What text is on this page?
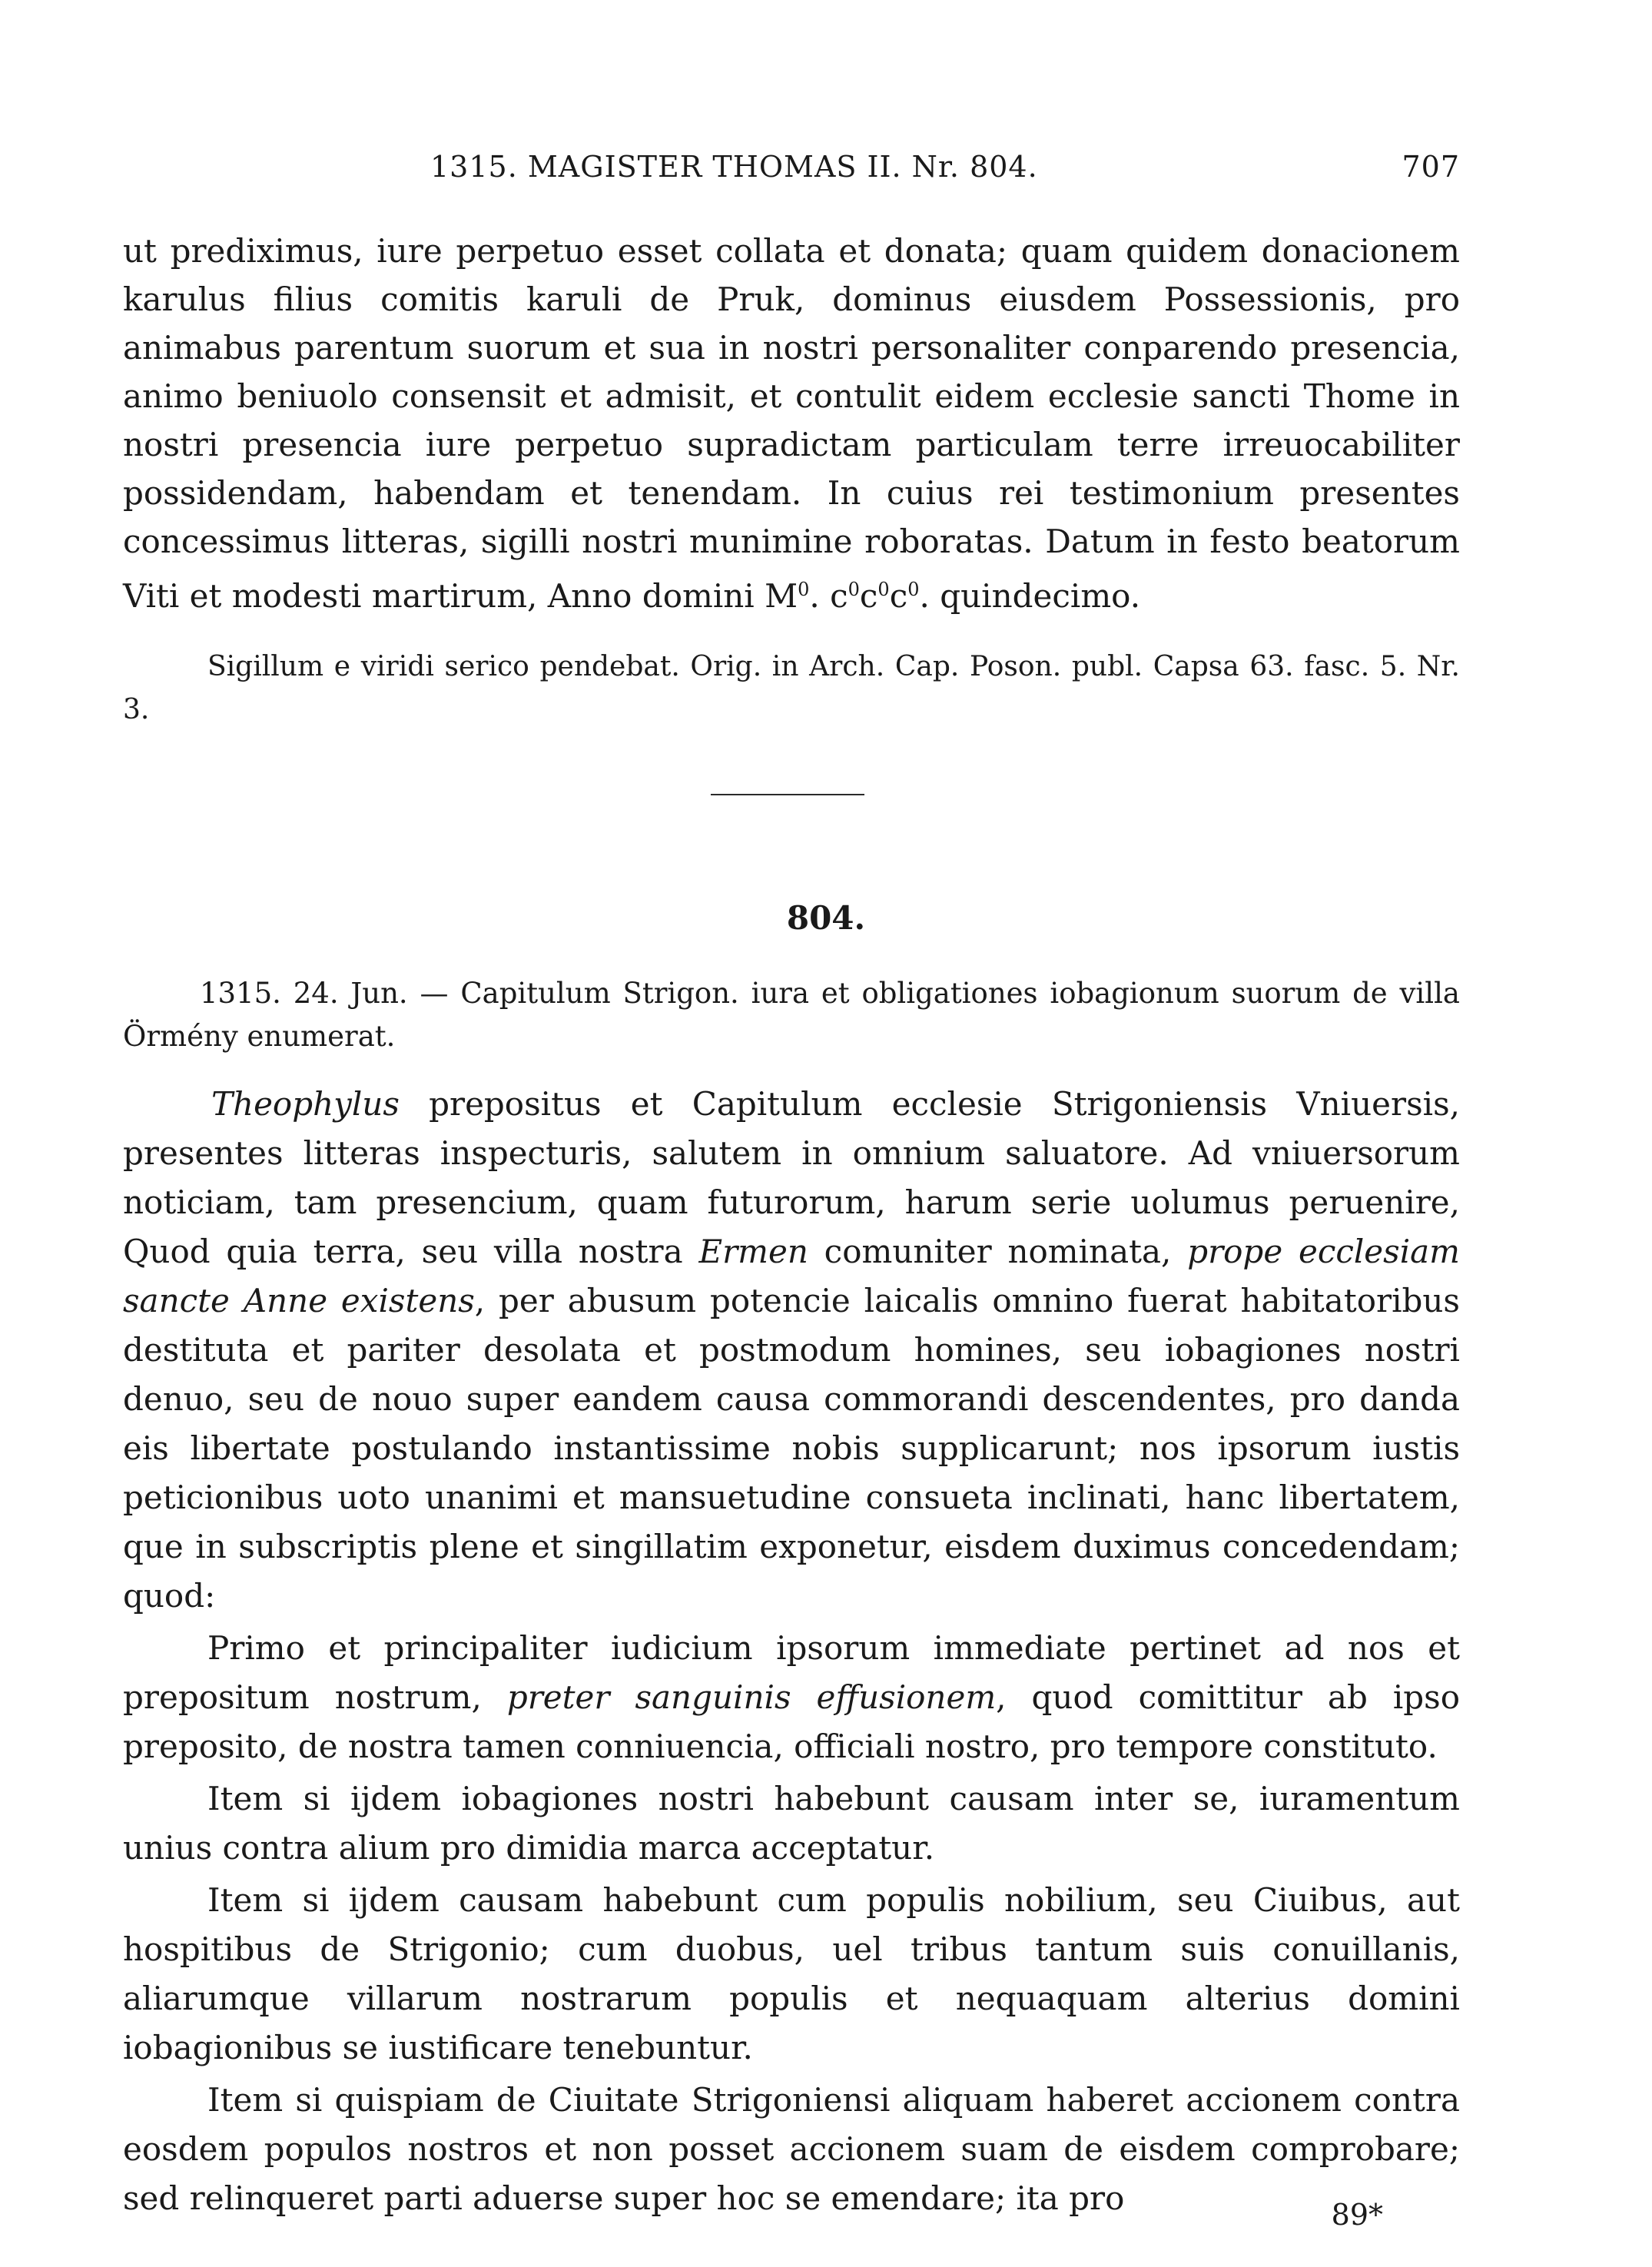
1315. MAGISTER THOMAS II. Nr. 804.	707
ut prediximus, iure perpetuo esset collata et donata; quam quidem donacionem karulus filius comitis karuli de Pruk, dominus eiusdem Possessionis, pro animabus parentum suorum et sua in nostri personaliter conparendo presencia, animo beniuolo consensit et admisit, et contulit eidem ecclesie sancti Thome in nostri presencia iure perpetuo supradictam particulam terre irreuocabiliter possidendam, habendam et tenendam. In cuius rei testimonium presentes concessimus litteras, sigilli nostri munimine roboratas. Datum in festo beatorum Viti et modesti martirum, Anno domini $M^0$. $c^0c^0c^0$. quindecimo.
Sigillum e viridi serico pendebat. Orig. in Arch. Cap. Poson. publ. Capsa 63. fasc. 5. Nr. 3.
804.
1315. 24. Jun. — Capitulum Strigon. iura et obligationes iobagionum suorum de villa Örmény enumerat.

Theophylus prepositus et Capitulum ecclesie Strigoniensis Vniuersis, presentes litteras inspecturis, salutem in omnium saluatore. Ad vniuersorum noticiam, tam presencium, quam futurorum, harum serie uolumus peruenire, Quod quia terra, seu villa nostra Ermen comuniter nominata, prope ecclesiam sancte Anne existens, per abusum potencie laicalis omnino fuerat habitatoribus destituta et pariter desolata et postmodum homines, seu iobagiones nostri denuo, seu de nouo super eandem causa commorandi descendentes, pro danda eis libertate postulando instantissime nobis supplicarunt; nos ipsorum iustis peticionibus uoto unanimi et mansuetudine consueta inclinati, hanc libertatem, que in subscriptis plene et singillatim exponetur, eisdem duximus concedendam; quod:

Primo et principaliter iudicium ipsorum immediate pertinet ad nos et prepositum nostrum, preter sanguinis effusionem, quod comittitur ab ipso preposito, de nostra tamen conniuencia, officiali nostro, pro tempore constituto.

Item si ijdem iobagiones nostri habebunt causam inter se, iuramentum unius contra alium pro dimidia marca acceptatur.

Item si ijdem causam habebunt cum populis nobilium, seu Ciuibus, aut hospitibus de Strigonio; cum duobus, uel tribus tantum suis conuillanis, aliarumque villarum nostrarum populis et nequaquam alterius domini iobagionibus se iustificare tenebuntur.

Item si quispiam de Ciuitate Strigoniensi aliquam haberet accionem contra eosdem populos nostros et non posset accionem suam de eisdem comprobare; sed relinqueret parti aduerse super hoc se emendare; ita pro	89*
